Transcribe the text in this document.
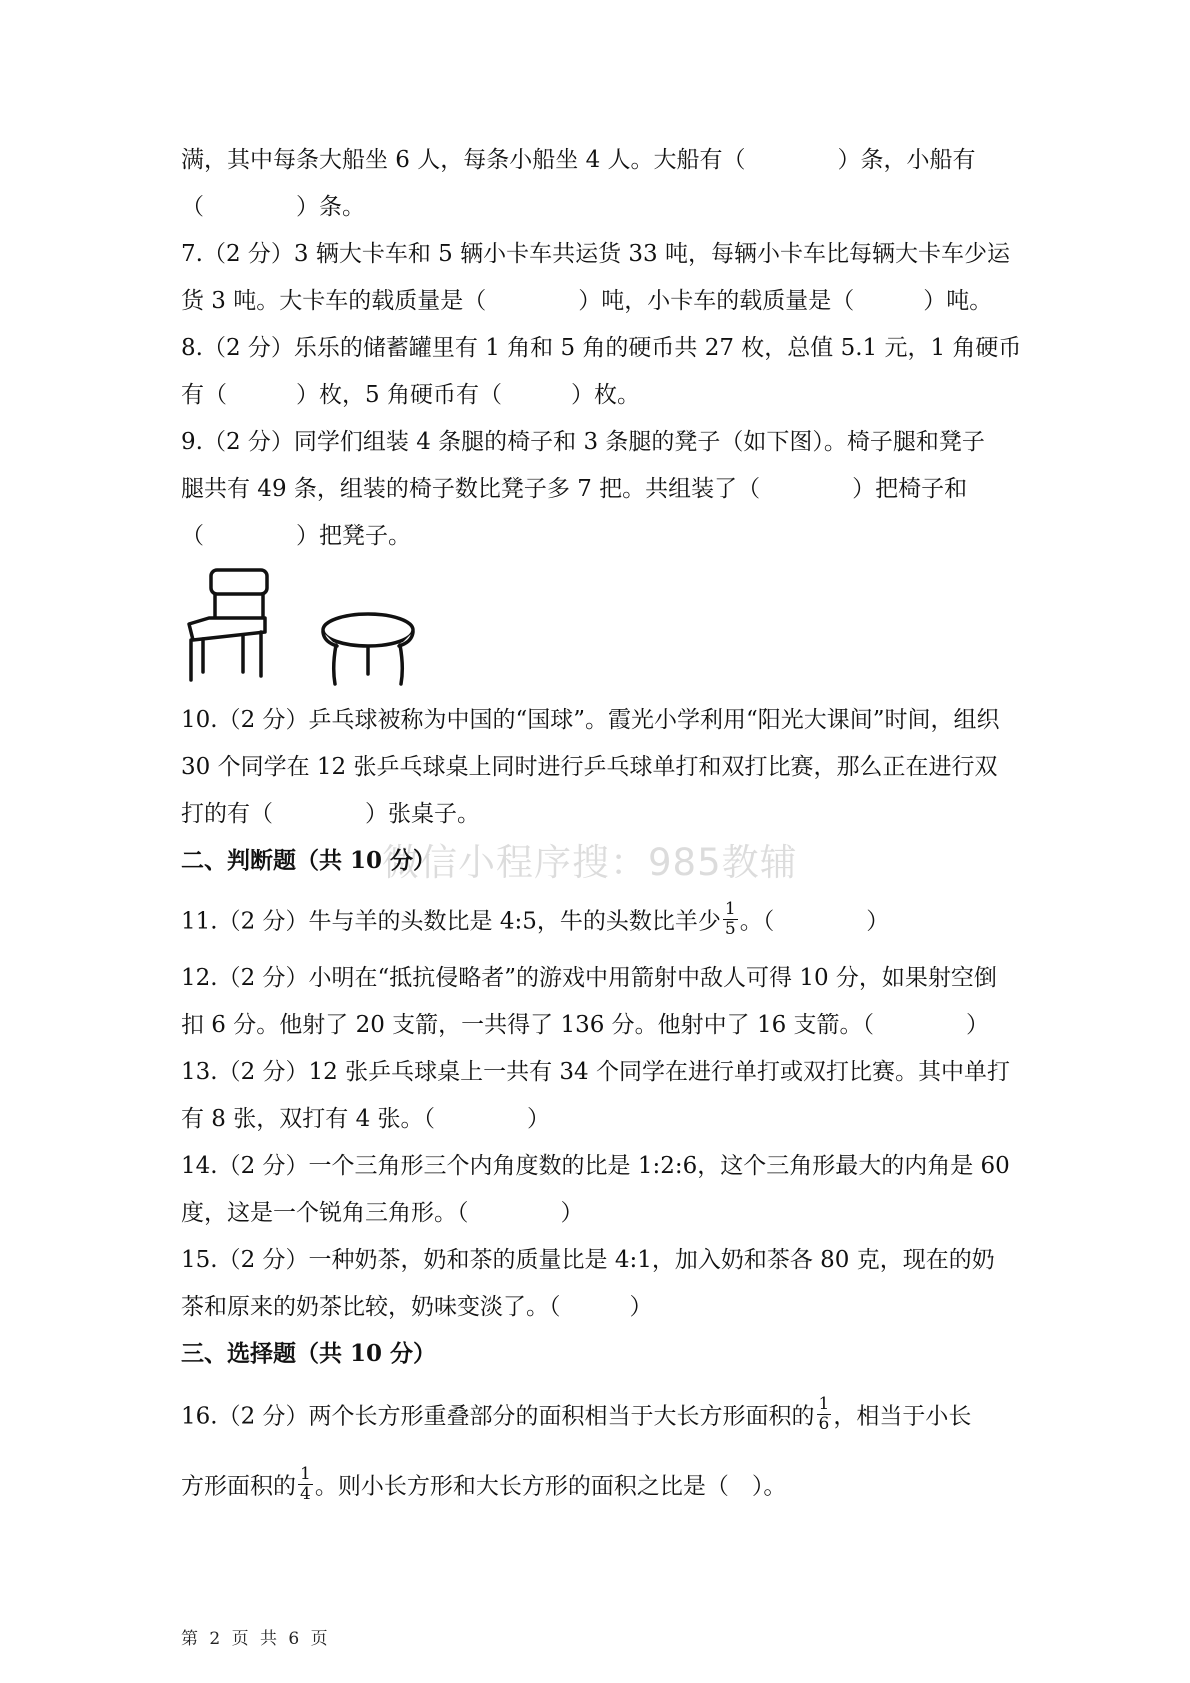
满，其中每条大船坐 6 人，每条小船坐 4 人。大船有（　　　　）条，小船有
（　　　　）条。
7.（2 分）3 辆大卡车和 5 辆小卡车共运货 33 吨，每辆小卡车比每辆大卡车少运
货 3 吨。大卡车的载质量是（　　　　）吨，小卡车的载质量是（　　　）吨。
8.（2 分）乐乐的储蓄罐里有 1 角和 5 角的硬币共 27 枚，总值 5.1 元，1 角硬币
有（　　　）枚，5 角硬币有（　　　）枚。
9.（2 分）同学们组装 4 条腿的椅子和 3 条腿的凳子（如下图）。椅子腿和凳子
腿共有 49 条，组装的椅子数比凳子多 7 把。共组装了（　　　　）把椅子和
（　　　　）把凳子。
10.（2 分）乒乓球被称为中国的“国球”。霞光小学利用“阳光大课间”时间，组织
30 个同学在 12 张乒乓球桌上同时进行乒乓球单打和双打比赛，那么正在进行双
打的有（　　　　）张桌子。
微信小程序搜：985教辅
二、判断题（共 10 分）
11.（2 分）牛与羊的头数比是 4:5，牛的头数比羊少 $\frac{1}{5}$ 。（　　　　）
12.（2 分）小明在“抵抗侵略者”的游戏中用箭射中敌人可得 10 分，如果射空倒
扣 6 分。他射了 20 支箭，一共得了 136 分。他射中了 16 支箭。（　　　　）
13.（2 分）12 张乒乓球桌上一共有 34 个同学在进行单打或双打比赛。其中单打
有 8 张，双打有 4 张。（　　　　）
14.（2 分）一个三角形三个内角度数的比是 1:2:6，这个三角形最大的内角是 60
度，这是一个锐角三角形。（　　　　）
15.（2 分）一种奶茶，奶和茶的质量比是 4:1，加入奶和茶各 80 克，现在的奶
茶和原来的奶茶比较，奶味变淡了。（　　　）
三、选择题（共 10 分）
16.（2 分）两个长方形重叠部分的面积相当于大长方形面积的 $\frac{1}{6}$ ，相当于小长
方形面积的 $\frac{1}{4}$ 。则小长方形和大长方形的面积之比是（　）。
第 2 页 共 6 页
